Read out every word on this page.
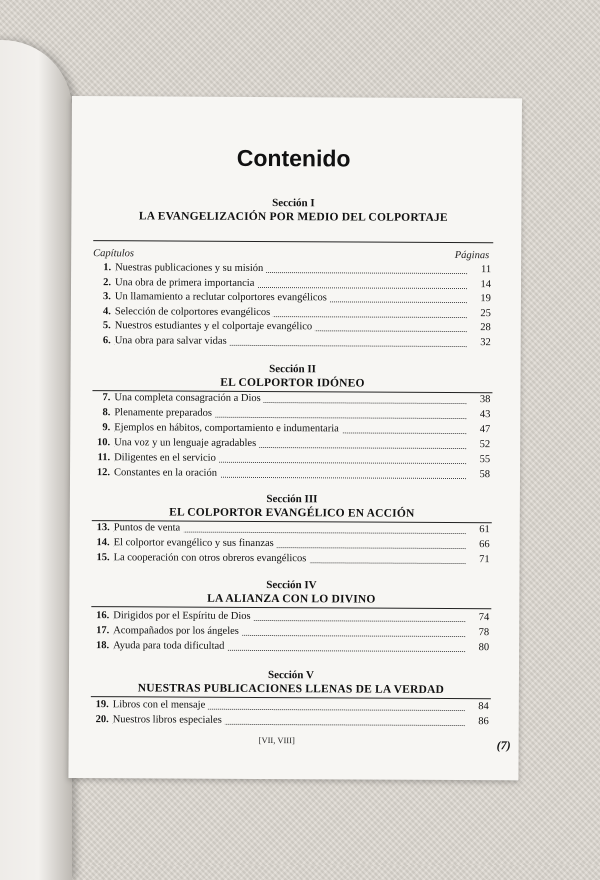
Contenido
Sección I
LA EVANGELIZACIÓN POR MEDIO DEL COLPORTAJE
Capítulos	Páginas
1. Nuestras publicaciones y su misión	11
2. Una obra de primera importancia	14
3. Un llamamiento a reclutar colportores evangélicos	19
4. Selección de colportores evangélicos	25
5. Nuestros estudiantes y el colportaje evangélico	28
6. Una obra para salvar vidas	32
Sección II
EL COLPORTOR IDÓNEO
7. Una completa consagración a Dios	38
8. Plenamente preparados	43
9. Ejemplos en hábitos, comportamiento e indumentaria	47
10. Una voz y un lenguaje agradables	52
11. Diligentes en el servicio	55
12. Constantes en la oración	58
Sección III
EL COLPORTOR EVANGÉLICO EN ACCIÓN
13. Puntos de venta	61
14. El colportor evangélico y sus finanzas	66
15. La cooperación con otros obreros evangélicos	71
Sección IV
LA ALIANZA CON LO DIVINO
16. Dirigidos por el Espíritu de Dios	74
17. Acompañados por los ángeles	78
18. Ayuda para toda dificultad	80
Sección V
NUESTRAS PUBLICACIONES LLENAS DE LA VERDAD
19. Libros con el mensaje	84
20. Nuestros libros especiales	86
[VII, VIII]	(7)
